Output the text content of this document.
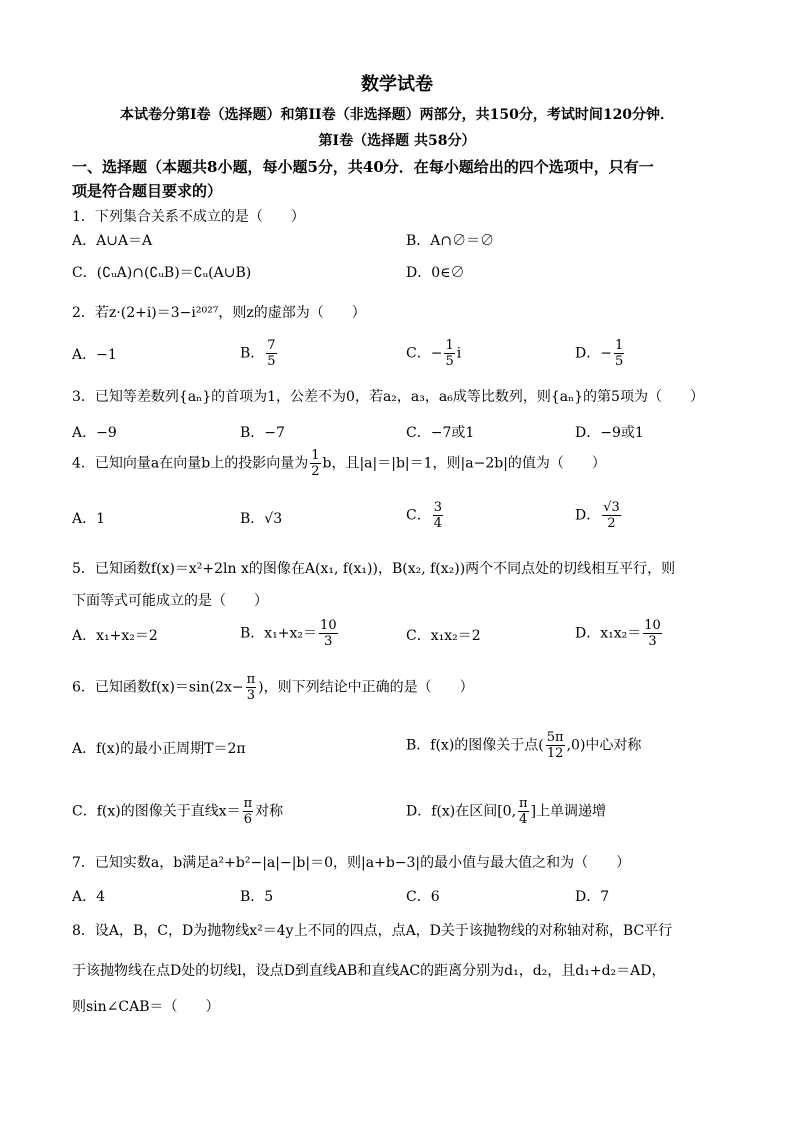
数学试卷
本试卷分第I卷（选择题）和第II卷（非选择题）两部分，共150分，考试时间120分钟．
第I卷（选择题 共58分）
一、选择题（本题共8小题，每小题5分，共40分．在每小题给出的四个选项中，只有一
项是符合题目要求的）
1．下列集合关系不成立的是（　　）
A．A∪A＝A	B．A∩∅＝∅
C．(∁ᵤA)∩(∁ᵤB)＝∁ᵤ(A∪B)	D．0∈∅
2．若z·(2+i)＝3−i²⁰²⁷，则z的虚部为（　　）
A．−1	B． $\frac{7}{5}$	C．− $\frac{1}{5}$ i	D．− $\frac{1}{5}$
3．已知等差数列{aₙ}的首项为1，公差不为0，若a₂，a₃，a₆成等比数列，则{aₙ}的第5项为（　　）
A．−9	B．−7	C．−7或1	D．−9或1
4．已知向量a在向量b上的投影向量为 $\frac{1}{2}$ b，且|a|＝|b|＝1，则|a−2b|的值为（　　）
A．1	B．√3	C． $\frac{3}{4}$	D． $\frac{√3}{2}$
5．已知函数f(x)＝x²+2ln x的图像在A(x₁, f(x₁))，B(x₂, f(x₂))两个不同点处的切线相互平行，则
下面等式可能成立的是（　　）
A．x₁+x₂＝2	B．$x_1+x_2= \frac{10}{3}$	C．x₁x₂＝2	D．$x_1x_2= \frac{10}{3}$
6．已知函数$f(x)=\sin(2x- \frac{\pi}{3}$ )，则下列结论中正确的是（　　）
A．f(x)的最小正周期T＝2π	B．f(x)的图像关于点( $\frac{5\pi}{12} ,0$)中心对称
C．f(x)的图像关于直线$x= \frac{\pi}{6}$ 对称	D．f(x)在区间[0, $\frac{\pi}{4}$ ]上单调递增
7．已知实数a，b满足a²+b²−|a|−|b|＝0，则|a+b−3|的最小值与最大值之和为（　　）
A．4	B．5	C．6	D．7
8．设A，B，C，D为抛物线x²＝4y上不同的四点，点A，D关于该抛物线的对称轴对称，BC平行
于该抛物线在点D处的切线l，设点D到直线AB和直线AC的距离分别为d₁，d₂，且d₁+d₂＝AD，
则sin∠CAB＝（　　）
